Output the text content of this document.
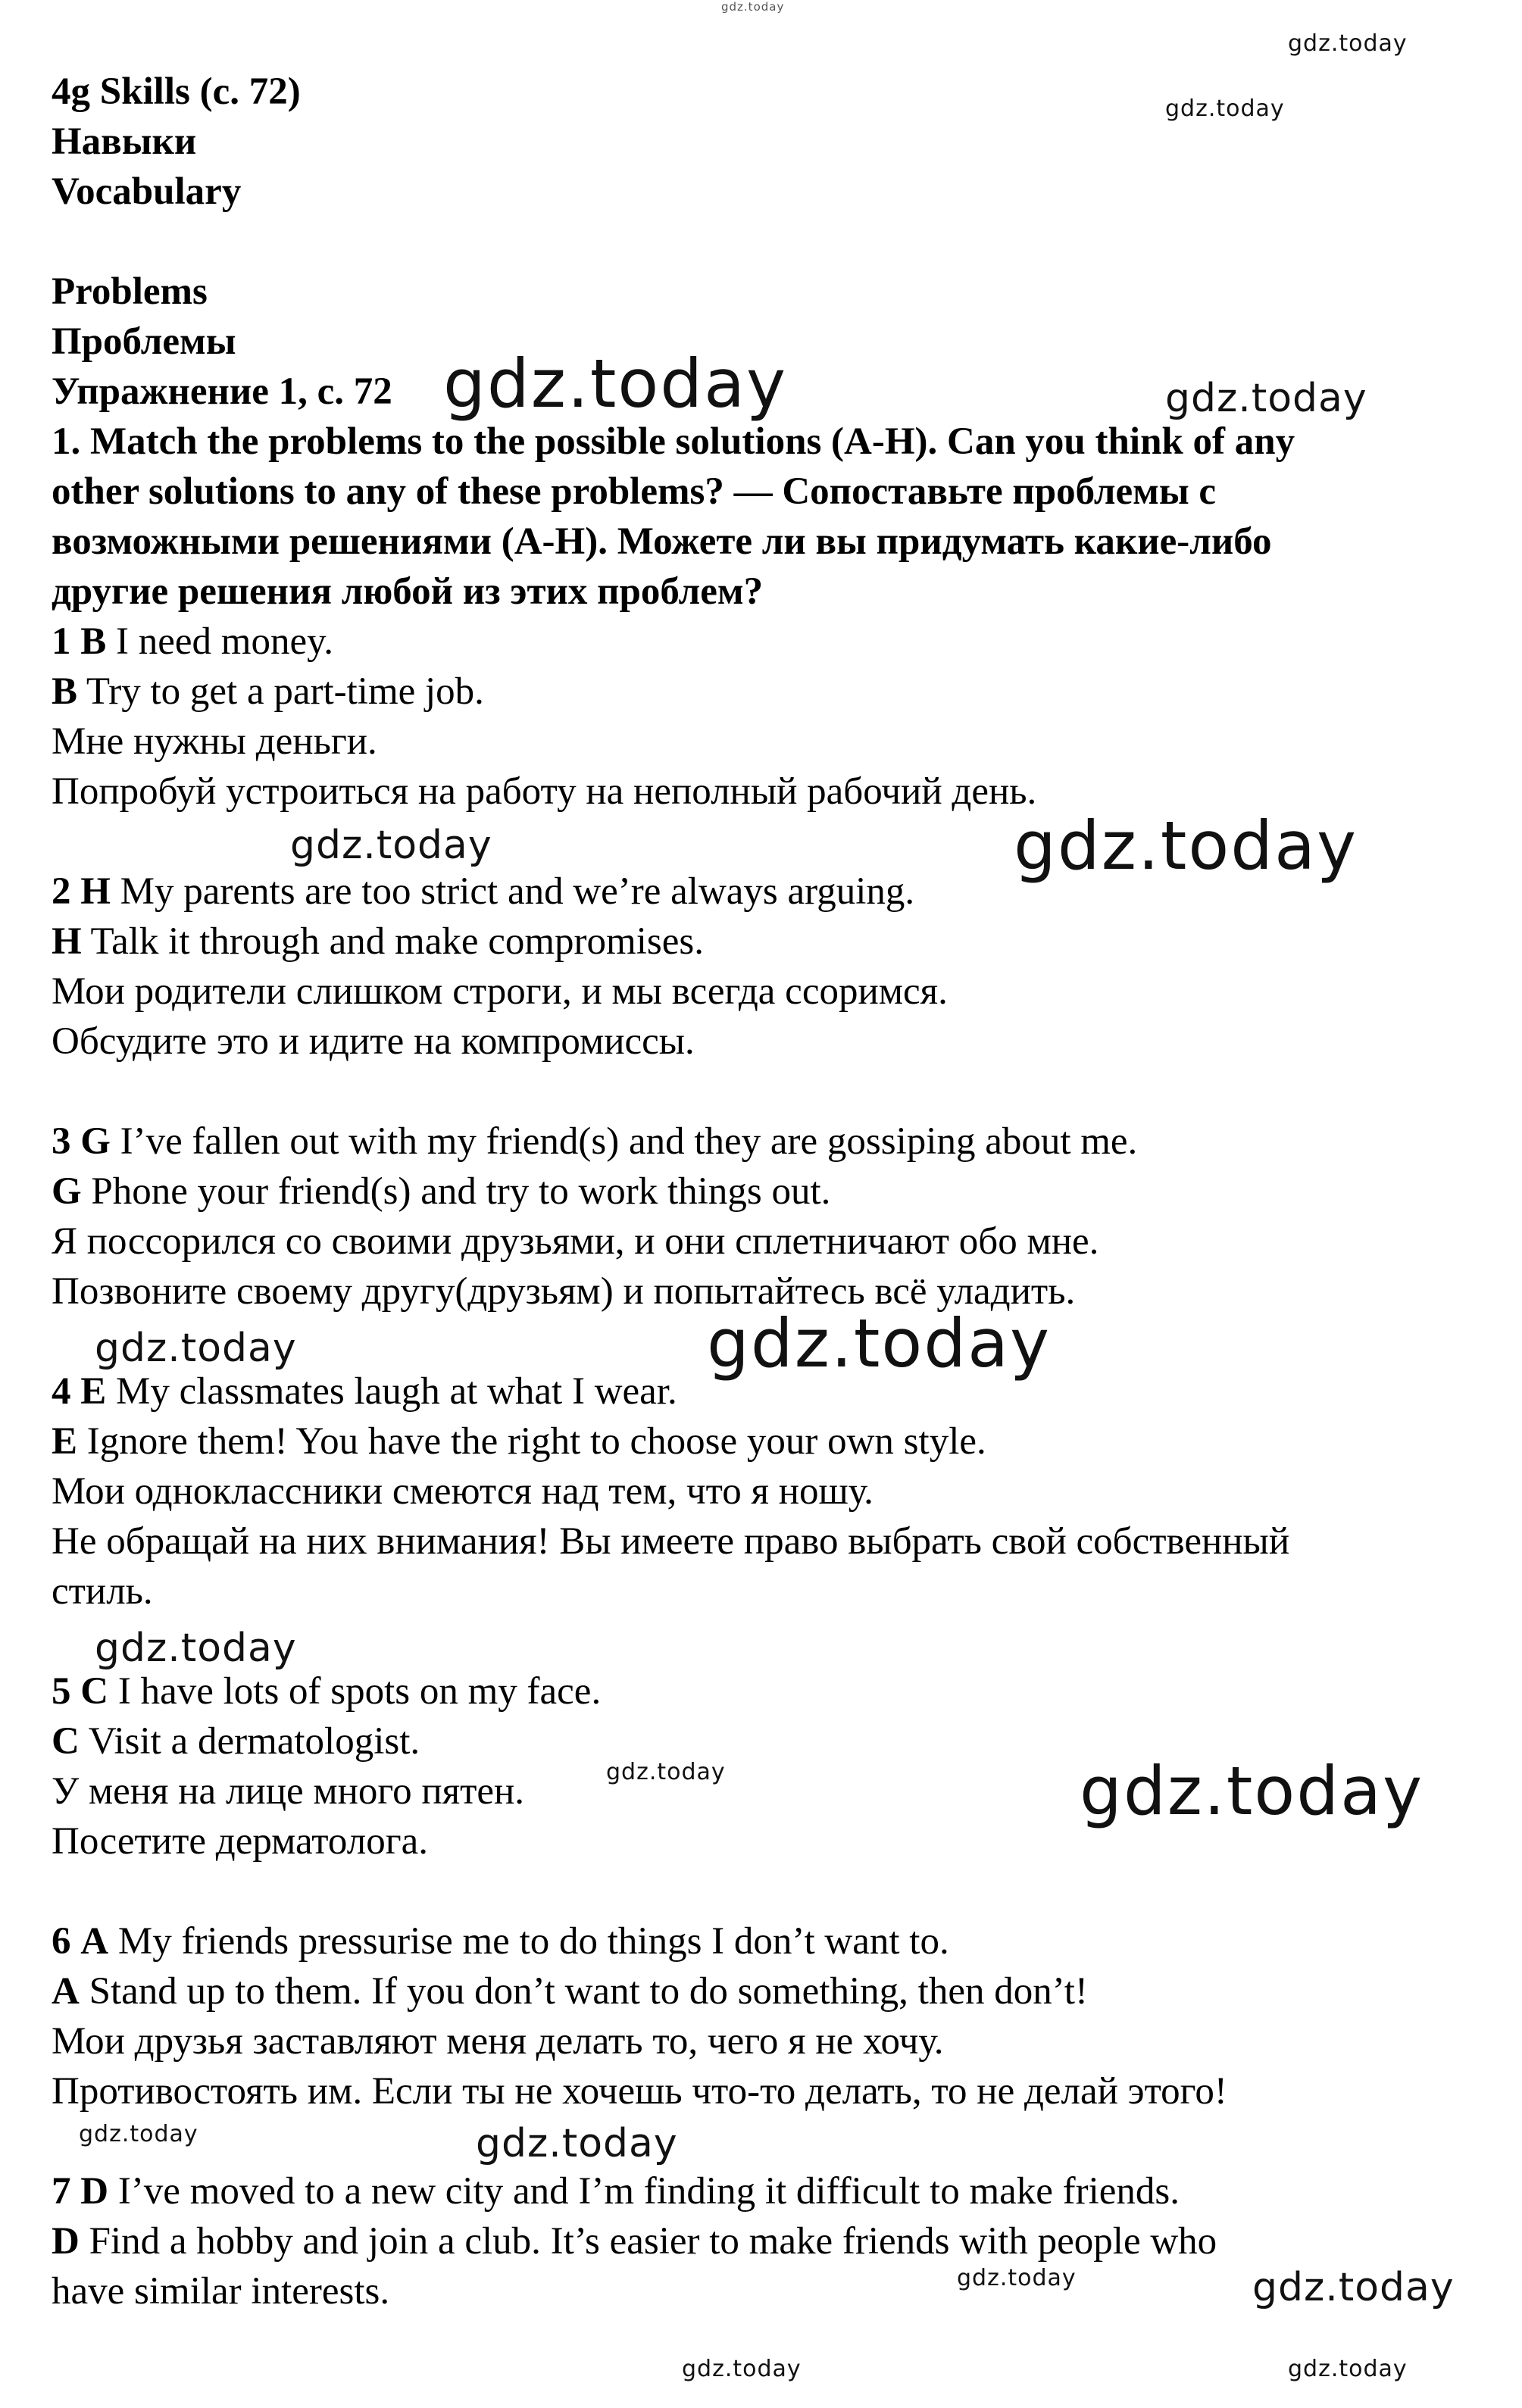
4g Skills (с. 72)
Навыки
Vocabulary
Problems
Проблемы
Упражнение 1, с. 72
1. Match the problems to the possible solutions (A-H). Can you think of any
other solutions to any of these problems? — Сопоставьте проблемы с
возможными решениями (A-H). Можете ли вы придумать какие-либо
другие решения любой из этих проблем?
1 B I need money.
B Try to get a part-time job.
Мне нужны деньги.
Попробуй устроиться на работу на неполный рабочий день.
2 H My parents are too strict and we’re always arguing.
H Talk it through and make compromises.
Мои родители слишком строги, и мы всегда ссоримся.
Обсудите это и идите на компромиссы.
3 G I’ve fallen out with my friend(s) and they are gossiping about me.
G Phone your friend(s) and try to work things out.
Я поссорился со своими друзьями, и они сплетничают обо мне.
Позвоните своему другу(друзьям) и попытайтесь всё уладить.
4 E My classmates laugh at what I wear.
E Ignore them! You have the right to choose your own style.
Мои одноклассники смеются над тем, что я ношу.
Не обращай на них внимания! Вы имеете право выбрать свой собственный
стиль.
5 C I have lots of spots on my face.
C Visit a dermatologist.
У меня на лице много пятен.
Посетите дерматолога.
6 A My friends pressurise me to do things I don’t want to.
A Stand up to them. If you don’t want to do something, then don’t!
Мои друзья заставляют меня делать то, чего я не хочу.
Противостоять им. Если ты не хочешь что-то делать, то не делай этого!
7 D I’ve moved to a new city and I’m finding it difficult to make friends.
D Find a hobby and join a club. It’s easier to make friends with people who
have similar interests.
gdz.today
gdz.today
gdz.today	gdz.today
gdz.today	gdz.today
gdz.today	gdz.today
gdz.today
gdz.today	gdz.today
gdz.today	gdz.today
gdz.today	gdz.today
gdz.today
gdz.today
gdz.today
